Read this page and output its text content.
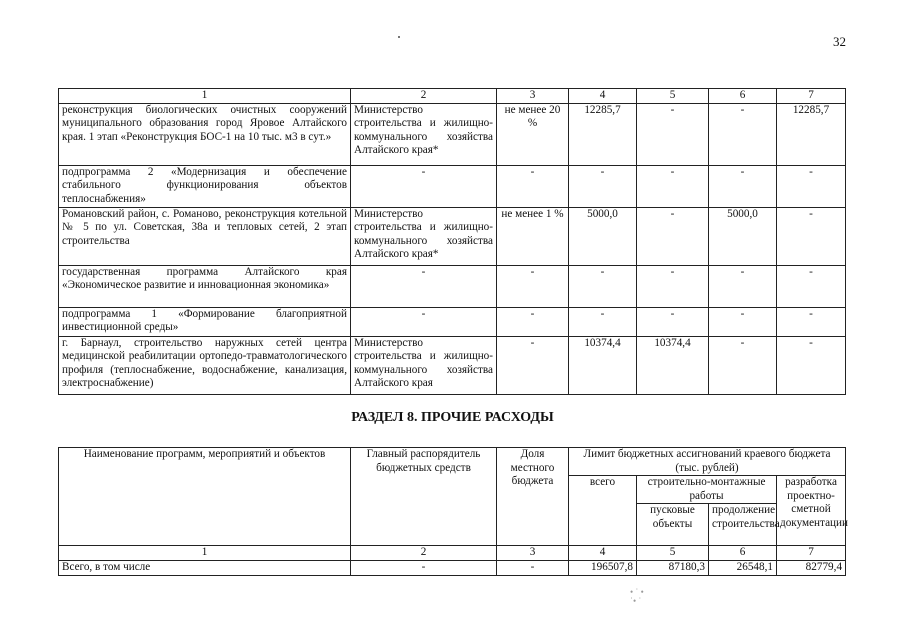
32
1	2	3	4	5	6	7
реконструкция биологических очистных сооружений муниципального образования город Яровое Алтайского края. 1 этап «Реконструкция БОС-1 на 10 тыс. м3 в сут.»	Министерство строительства и жилищно-коммунального хозяйства Алтайского края*	не менее 20 %	12285,7	-	-	12285,7
подпрограмма 2 «Модернизация и обеспечение стабильного функционирования объектов теплоснабжения»	-	-	-	-	-	-
Романовский район, с. Романово, реконструкция котельной № 5 по ул. Советская, 38а и тепловых сетей, 2 этап строительства	Министерство строительства и жилищно-коммунального хозяйства Алтайского края*	не менее 1 %	5000,0	-	5000,0	-
государственная программа Алтайского края «Экономическое развитие и инновационная экономика»	-	-	-	-	-	-
подпрограмма 1 «Формирование благоприятной инвестиционной среды»	-	-	-	-	-	-
г. Барнаул, строительство наружных сетей центра медицинской реабилитации ортопедо-травматологического профиля (теплоснабжение, водоснабжение, канализация, электроснабжение)	Министерство строительства и жилищно-коммунального хозяйства Алтайского края	-	10374,4	10374,4	-	-
РАЗДЕЛ 8. ПРОЧИЕ РАСХОДЫ
Наименование программ, мероприятий и объектов	Главный распорядитель бюджетных средств	Доля местного бюджета	Лимит бюджетных ассигнований краевого бюджета (тыс. рублей)			
			всего	строительно-монтажные работы		разработка проектно-сметной документации
				пусковые объекты	продолжение строительства	
1	2	3	4	5	6	7
Всего, в том числе	-	-	196507,8	87180,3	26548,1	82779,4
• ˙ •
˙• ˙
